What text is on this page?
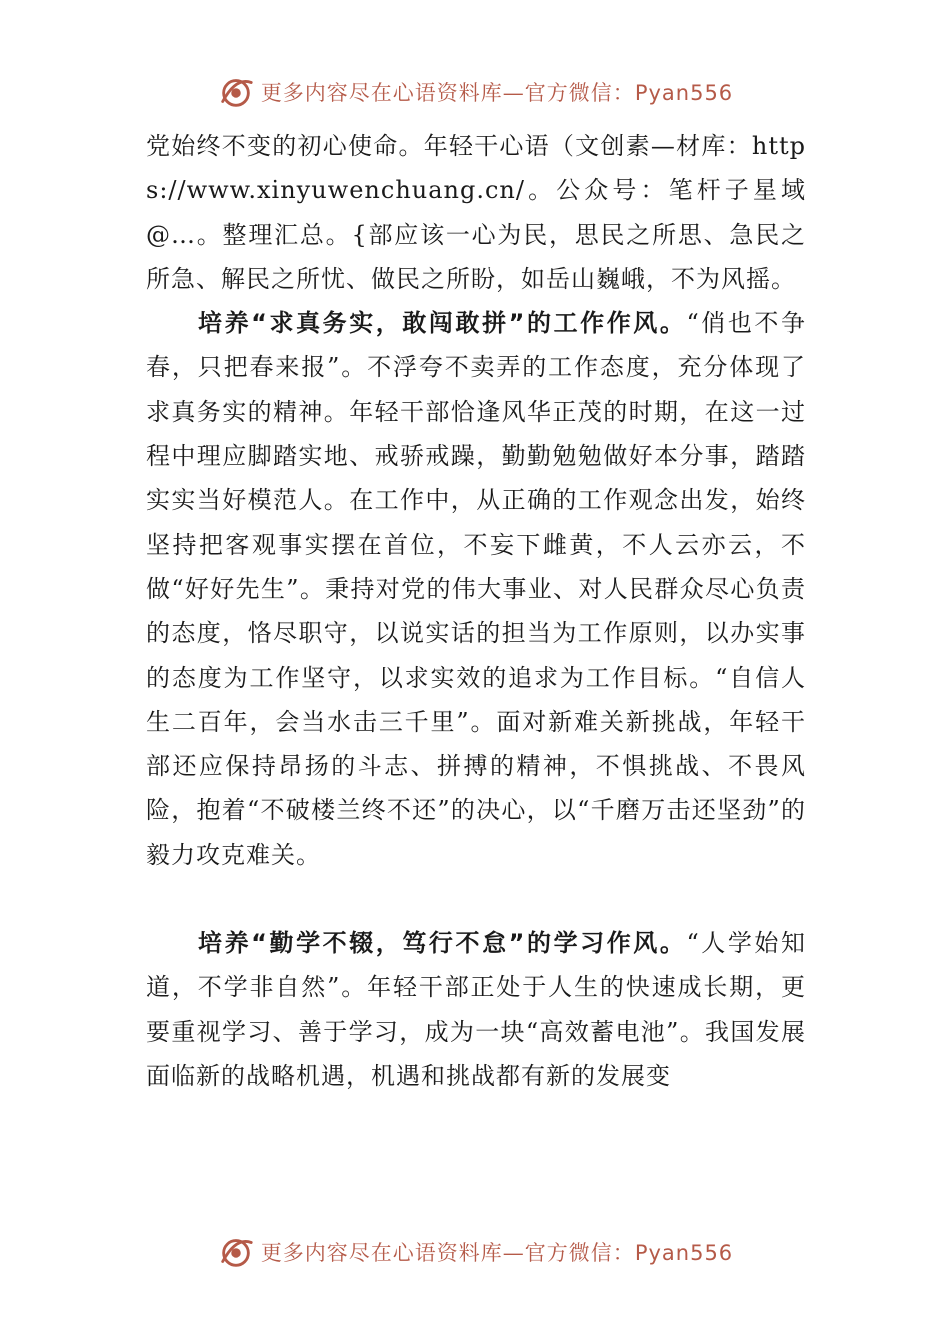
更多内容尽在心语资料库—官方微信：Pyan556

党始终不变的初心使命。年轻干心语（文创素—材库：https://www.xinyuwenchuang.cn/。公众号：笔杆子星域@…。整理汇总。{部应该一心为民，思民之所思、急民之所急、解民之所忧、做民之所盼，如岳山巍峨，不为风摇。

培养“求真务实，敢闯敢拼”的工作作风。“俏也不争春，只把春来报”。不浮夸不卖弄的工作态度，充分体现了求真务实的精神。年轻干部恰逢风华正茂的时期，在这一过程中理应脚踏实地、戒骄戒躁，勤勤勉勉做好本分事，踏踏实实当好模范人。在工作中，从正确的工作观念出发，始终坚持把客观事实摆在首位，不妄下雌黄，不人云亦云，不做“好好先生”。秉持对党的伟大事业、对人民群众尽心负责的态度，恪尽职守，以说实话的担当为工作原则，以办实事的态度为工作坚守，以求实效的追求为工作目标。“自信人生二百年，会当水击三千里”。面对新难关新挑战，年轻干部还应保持昂扬的斗志、拼搏的精神，不惧挑战、不畏风险，抱着“不破楼兰终不还”的决心，以“千磨万击还坚劲”的毅力攻克难关。

培养“勤学不辍，笃行不怠”的学习作风。“人学始知道，不学非自然”。年轻干部正处于人生的快速成长期，更要重视学习、善于学习，成为一块“高效蓄电池”。我国发展面临新的战略机遇，机遇和挑战都有新的发展变

更多内容尽在心语资料库—官方微信：Pyan556
